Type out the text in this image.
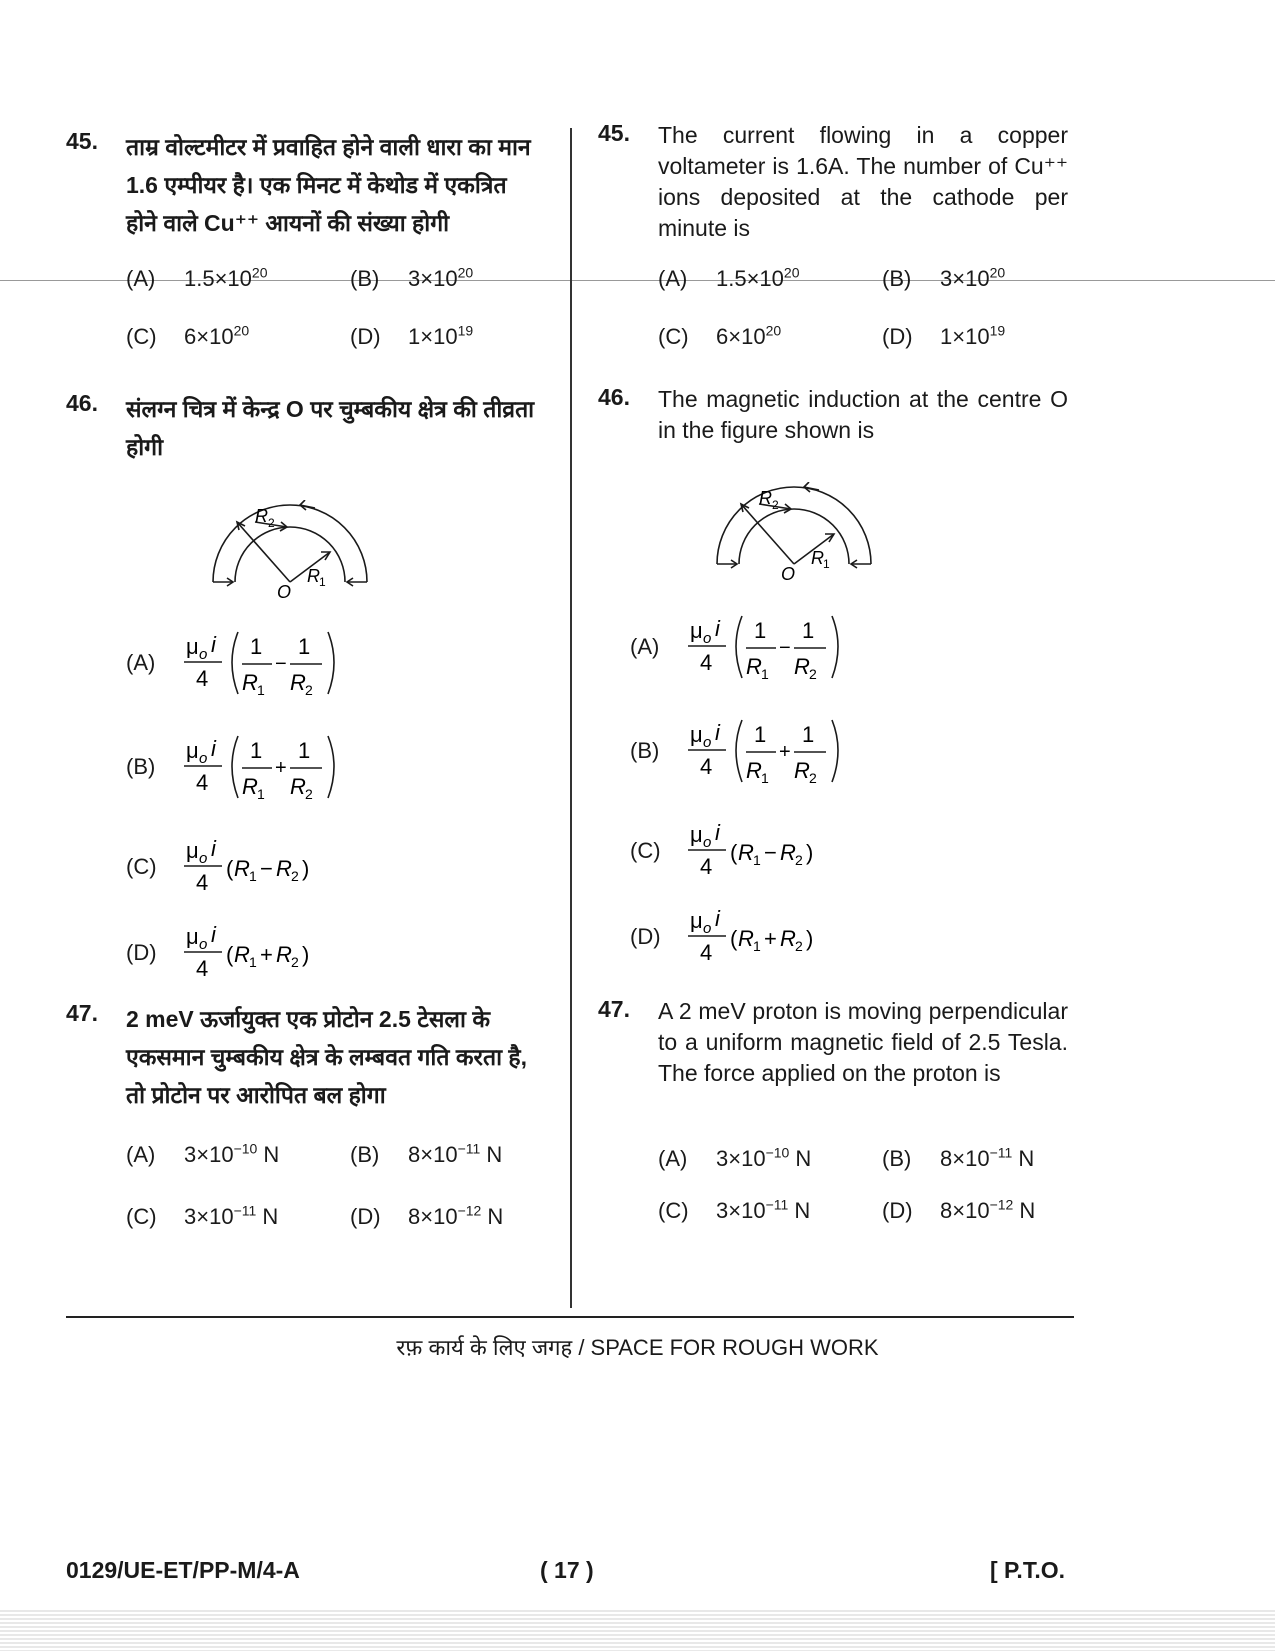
45. ताम्र वोल्टमीटर में प्रवाहित होने वाली धारा का मान 1.6 एम्पीयर है। एक मिनट में केथोड में एकत्रित होने वाले Cu⁺⁺ आयनों की संख्या होगी
(A) $1.5\times 10^{20}$	(B) $3\times 10^{20}$
(C) $6\times 10^{20}$	(D) $1\times 10^{19}$
46. संलग्न चित्र में केन्द्र O पर चुम्बकीय क्षेत्र की तीव्रता होगी
47. 2 meV ऊर्जायुक्त एक प्रोटोन 2.5 टेसला के एकसमान चुम्बकीय क्षेत्र के लम्बवत गति करता है, तो प्रोटोन पर आरोपित बल होगा
(A) $3\times 10^{-10}$ N	(B) $8\times 10^{-11}$ N
(C) $3\times 10^{-11}$ N	(D) $8\times 10^{-12}$ N
45. The current flowing in a copper voltameter is 1.6A. The number of Cu⁺⁺ ions deposited at the cathode per minute is
(A) $1.5\times 10^{20}$	(B) $3\times 10^{20}$
(C) $6\times 10^{20}$	(D) $1\times 10^{19}$
46. The magnetic induction at the centre O in the figure shown is
47. A 2 meV proton is moving perpendicular to a uniform magnetic field of 2.5 Tesla. The force applied on the proton is
(A) $3\times 10^{-10}$ N	(B) $8\times 10^{-11}$ N
(C) $3\times 10^{-11}$ N	(D) $8\times 10^{-12}$ N
R 2
O
R 1
R 2
O
R 1
(A)
μ o i
4
1
R 1
−
1
R 2
(B)
μ o i
4
1
R 1
+
1
R 2
(C)
μ o i
4
( R 1 − R 2 )
(D)
μ o i
4
( R 1 + R 2 )
(A)
μ o i
4
1
R 1
−
1
R 2
(B)
μ o i
4
1
R 1
+
1
R 2
(C)
μ o i
4
( R 1 − R 2 )
(D)
μ o i
4
( R 1 + R 2 )
रफ़ कार्य के लिए जगह / SPACE FOR ROUGH WORK
0129/UE-ET/PP-M/4-A	( 17 )	[ P.T.O.
